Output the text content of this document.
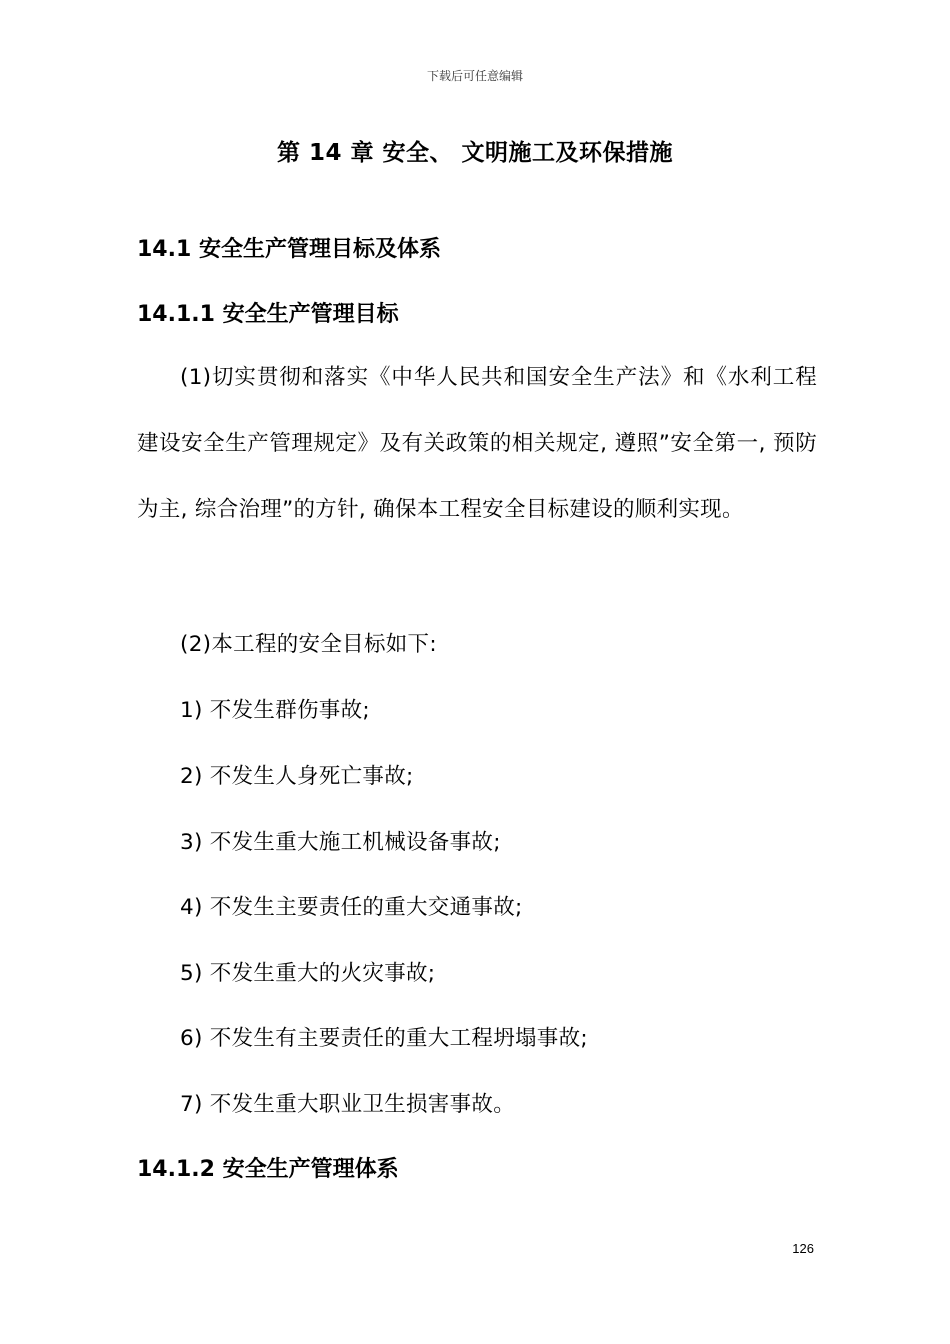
下载后可任意编辑
第 14 章 安全、 文明施工及环保措施
14.1 安全生产管理目标及体系
14.1.1 安全生产管理目标
(1)切实贯彻和落实《中华人民共和国安全生产法》和《水利工程建设安全生产管理规定》及有关政策的相关规定, 遵照”安全第一, 预防为主, 综合治理”的方针, 确保本工程安全目标建设的顺利实现。
(2)本工程的安全目标如下:
1) 不发生群伤事故;
2) 不发生人身死亡事故;
3) 不发生重大施工机械设备事故;
4) 不发生主要责任的重大交通事故;
5) 不发生重大的火灾事故;
6) 不发生有主要责任的重大工程坍塌事故;
7) 不发生重大职业卫生损害事故。
14.1.2 安全生产管理体系
126
